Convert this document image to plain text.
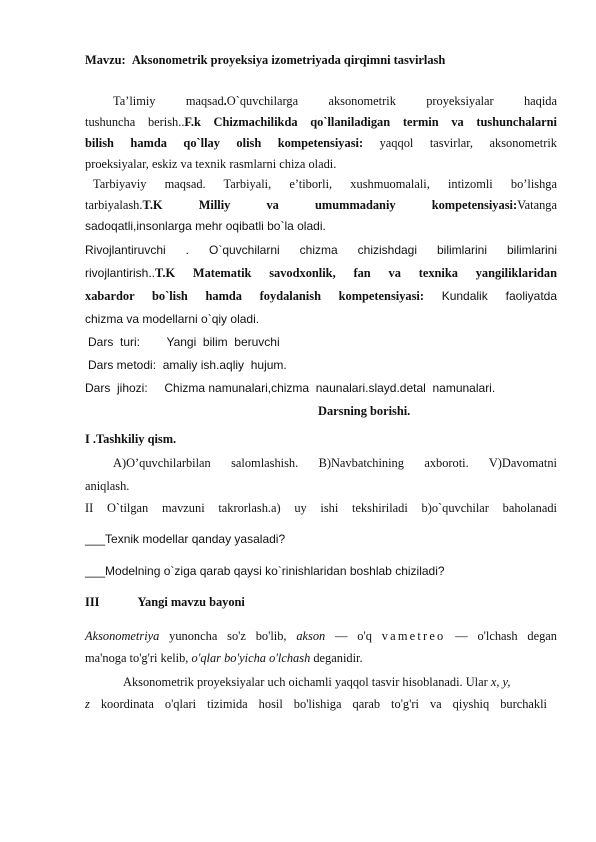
Mavzu: Aksonometrik proyeksiya izometriyada qirqimni tasvirlash
Ta’limiy maqsad.O`quvchilarga aksonometrik proyeksiyalar haqida
tushuncha berish..F.k Chizmachilikda qo`llaniladigan termin va tushunchalarni
bilish hamda qo`llay olish kompetensiyasi: yaqqol tasvirlar, aksonometrik
proeksiyalar, eskiz va texnik rasmlarni chiza oladi.
Tarbiyaviy maqsad. Tarbiyali, e’tiborli, xushmuomalali, intizomli bo’lishga
tarbiyalash.T.K Milliy va umummadaniy kompetensiyasi:Vatanga
sadoqatli,insonlarga mehr oqibatli bo`la oladi.
Rivojlantiruvchi . O`quvchilarni chizma chizishdagi bilimlarini bilimlarini
rivojlantirish..T.K Matematik savodxonlik, fan va texnika yangiliklaridan
xabardor bo`lish hamda foydalanish kompetensiyasi: Kundalik faoliyatda
chizma va modellarni o`qiy oladi.
Dars  turi:        Yangi  bilim  beruvchi
Dars metodi:  amaliy ish.aqliy  hujum.
Dars  jihozi:     Chizma namunalari,chizma  naunalari.slayd.detal  namunalari.
Darsning borishi.
I .Tashkiliy qism.
A)O’quvchilarbilan salomlashish. B)Navbatchining axboroti. V)Davomatni
aniqlash.
II O`tilgan mavzuni takrorlash.a) uy ishi tekshiriladi b)o`quvchilar baholanadi
___Texnik modellar qanday yasaladi?
___Modelning o`ziga qarab qaysi ko`rinishlaridan boshlab chiziladi?
III	Yangi mavzu bayoni
Aksonometriya yunoncha so'z bo'lib, akson — o'q vametreo — o'lchash degan
ma'noga to'g'ri kelib, o'qlar bo'yicha o'lchash deganidir.
Aksonometrik proyeksiyalar uch oichamli yaqqol tasvir hisoblanadi. Ular x, y,
z koordinata o'qlari tizimida hosil bo'lishiga qarab to'g'ri va qiyshiq burchakli
